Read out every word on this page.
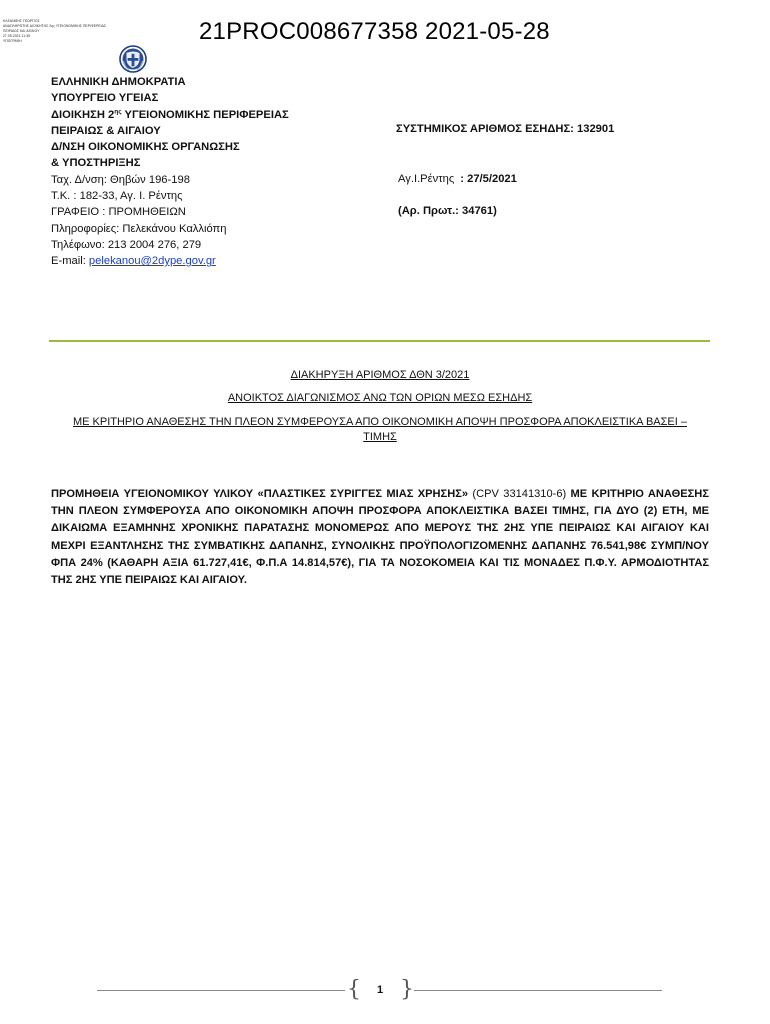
ΚΛΕΑΝΘΗΣ ΓΕΩΡΓΙΟΣ
ΑΝΑΠΛΗΡΩΤΗΣ ΔΙΟΙΚΗΤΗΣ 2ης ΥΓΕΙΟΝΟΜΙΚΗΣ ΠΕΡΙΦΕΡΕΙΑΣ
ΠΕΙΡΑΙΩΣ ΚΑΙ ΑΙΓΑΙΟΥ
27.05.2021 11:35
ΥΠΟΓΡΑΦΗ	21PROC008677358 2021-05-28
ΕΛΛΗΝΙΚΗ ΔΗΜΟΚΡΑΤΙΑ
ΥΠΟΥΡΓΕΙΟ ΥΓΕΙΑΣ
ΔΙΟΙΚΗΣΗ $2^{\eta\varsigma}$ ΥΓΕΙΟΝΟΜΙΚΗΣ ΠΕΡΙΦΕΡΕΙΑΣ
ΠΕΙΡΑΙΩΣ & ΑΙΓΑΙΟΥ
Δ/ΝΣΗ ΟΙΚΟΝΟΜΙΚΗΣ ΟΡΓΑΝΩΣΗΣ
& ΥΠΟΣΤΗΡΙΞΗΣ
Ταχ. Δ/νση: Θηβών 196-198
Τ.Κ. : 182-33, Αγ. Ι. Ρέντης
ΓΡΑΦΕΙΟ : ΠΡΟΜΗΘΕΙΩΝ
Πληροφορίες: Πελεκάνου Καλλιόπη
Τηλέφωνο: 213 2004 276, 279
E-mail: pelekanou@2dype.gov.gr
ΣΥΣΤΗΜΙΚΟΣ ΑΡΙΘΜΟΣ ΕΣΗΔΗΣ: 132901
Αγ.Ι.Ρέντης : 27/5/2021
(Αρ. Πρωτ.: 34761)
ΔΙΑΚΗΡΥΞΗ ΑΡΙΘΜΟΣ ΔΘΝ 3/2021
ΑΝΟΙΚΤΟΣ ΔΙΑΓΩΝΙΣΜΟΣ ΑΝΩ ΤΩΝ ΟΡΙΩΝ ΜΕΣΩ ΕΣΗΔΗΣ
ΜΕ ΚΡΙΤΗΡΙΟ ΑΝΑΘΕΣΗΣ ΤΗΝ ΠΛΕΟΝ ΣΥΜΦΕΡΟΥΣΑ ΑΠΟ ΟΙΚΟΝΟΜΙΚΗ ΑΠΟΨΗ ΠΡΟΣΦΟΡΑ ΑΠΟΚΛΕΙΣΤΙΚΑ ΒΑΣΕΙ – ΤΙΜΗΣ
ΠΡΟΜΗΘΕΙΑ ΥΓΕΙΟΝΟΜΙΚΟΥ ΥΛΙΚΟΥ «ΠΛΑΣΤΙΚΕΣ ΣΥΡΙΓΓΕΣ ΜΙΑΣ ΧΡΗΣΗΣ» (CPV 33141310-6) ΜΕ ΚΡΙΤΗΡΙΟ ΑΝΑΘΕΣΗΣ ΤΗΝ ΠΛΕΟΝ ΣΥΜΦΕΡΟΥΣΑ ΑΠΟ ΟΙΚΟΝΟΜΙΚΗ ΑΠΟΨΗ ΠΡΟΣΦΟΡΑ ΑΠΟΚΛΕΙΣΤΙΚΑ ΒΑΣΕΙ ΤΙΜΗΣ, ΓΙΑ ΔΥΟ (2) ΕΤΗ, ΜΕ ΔΙΚΑΙΩΜΑ ΕΞΑΜΗΝΗΣ ΧΡΟΝΙΚΗΣ ΠΑΡΑΤΑΣΗΣ ΜΟΝΟΜΕΡΩΣ ΑΠΟ ΜΕΡΟΥΣ ΤΗΣ 2ΗΣ ΥΠΕ ΠΕΙΡΑΙΩΣ ΚΑΙ ΑΙΓΑΙΟΥ ΚΑΙ ΜΕΧΡΙ ΕΞΑΝΤΛΗΣΗΣ ΤΗΣ ΣΥΜΒΑΤΙΚΗΣ ΔΑΠΑΝΗΣ, ΣΥΝΟΛΙΚΗΣ ΠΡΟΫΠΟΛΟΓΙΖΟΜΕΝΗΣ ΔΑΠΑΝΗΣ 76.541,98€ ΣΥΜΠ/ΝΟΥ ΦΠΑ 24% (ΚΑΘΑΡΗ ΑΞΙΑ 61.727,41€, Φ.Π.Α 14.814,57€), ΓΙΑ ΤΑ ΝΟΣΟΚΟΜΕΙΑ ΚΑΙ ΤΙΣ ΜΟΝΑΔΕΣ Π.Φ.Υ. ΑΡΜΟΔΙΟΤΗΤΑΣ ΤΗΣ 2ΗΣ ΥΠΕ ΠΕΙΡΑΙΩΣ ΚΑΙ ΑΙΓΑΙΟΥ.
{ }
1
